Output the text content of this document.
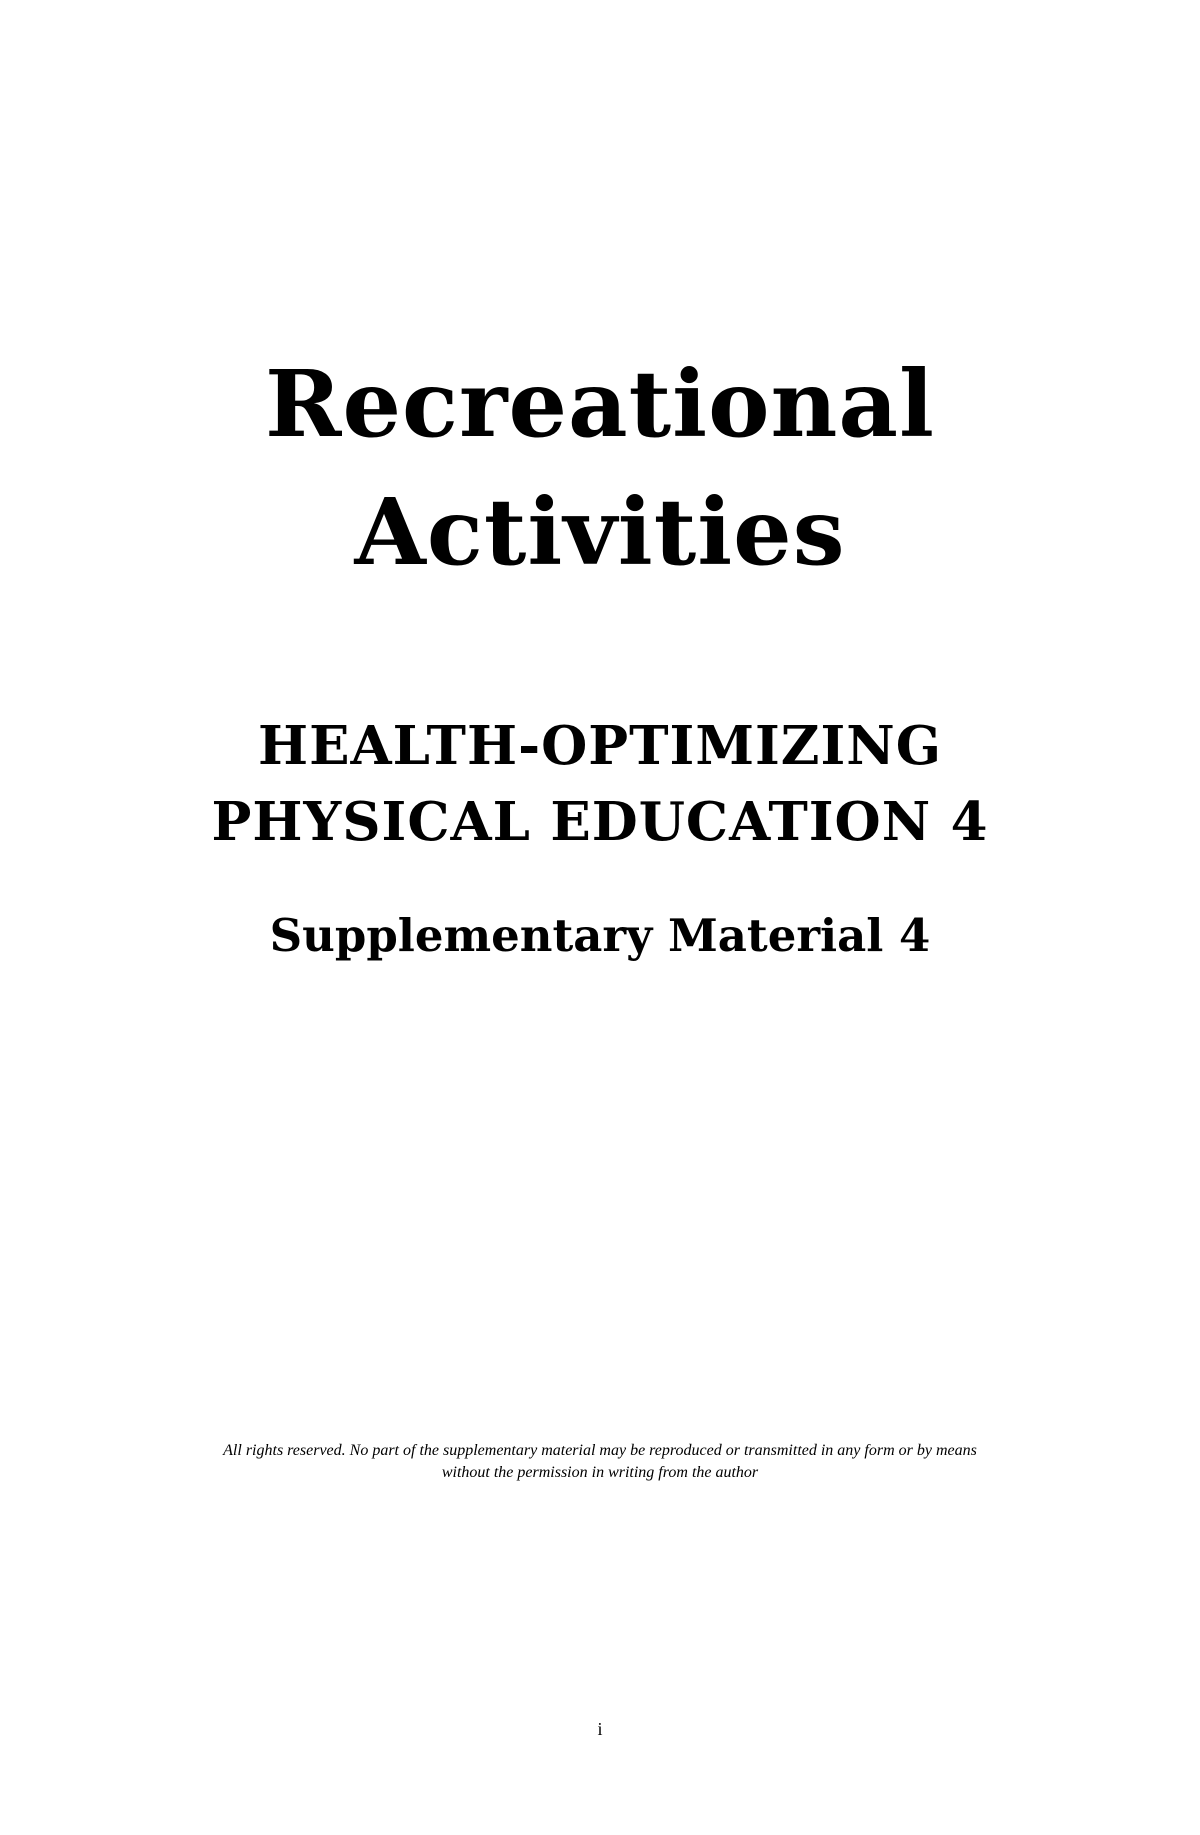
Recreational
Activities
HEALTH-OPTIMIZING
PHYSICAL EDUCATION 4
Supplementary Material 4
All rights reserved. No part of the supplementary material may be reproduced or transmitted in any form or by means
without the permission in writing from the author
i
